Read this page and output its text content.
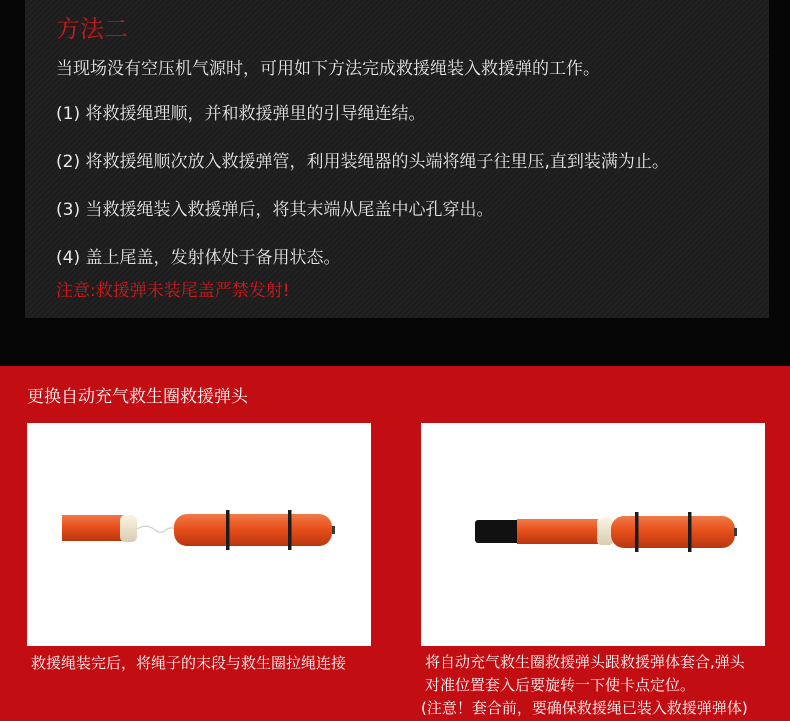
方法二

当现场没有空压机气源时，可用如下方法完成救援绳装入救援弹的工作。

(1) 将救援绳理顺，并和救援弹里的引导绳连结。

(2) 将救援绳顺次放入救援弹管，利用装绳器的头端将绳子往里压,直到装满为止。

(3) 当救援绳装入救援弹后，将其末端从尾盖中心孔穿出。

(4) 盖上尾盖，发射体处于备用状态。

注意:救援弹未装尾盖严禁发射!

更换自动充气救生圈救援弹头

救援绳装完后，将绳子的末段与救生圈拉绳连接	将自动充气救生圈救援弹头跟救援弹体套合,弹头

对准位置套入后要旋转一下使卡点定位。

(注意！套合前，要确保救援绳已装入救援弹弹体)
